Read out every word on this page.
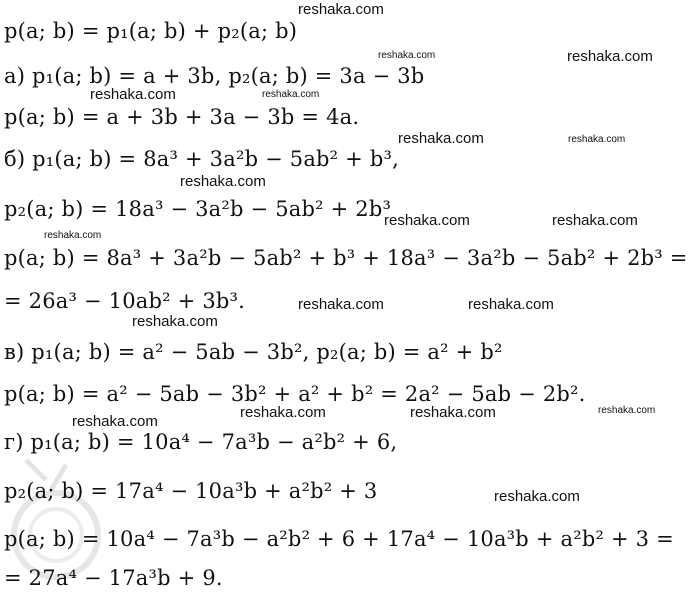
p(a; b) = p₁(a; b) + p₂(a; b)
а) p₁(a; b) = a + 3b, p₂(a; b) = 3a − 3b
p(a; b) = a + 3b + 3a − 3b = 4a.
б) p₁(a; b) = 8a³ + 3a²b − 5ab² + b³,
p₂(a; b) = 18a³ − 3a²b − 5ab² + 2b³
p(a; b) = 8a³ + 3a²b − 5ab² + b³ + 18a³ − 3a²b − 5ab² + 2b³ =
= 26a³ − 10ab² + 3b³.
в) p₁(a; b) = a² − 5ab − 3b², p₂(a; b) = a² + b²
p(a; b) = a² − 5ab − 3b² + a² + b² = 2a² − 5ab − 2b².
г) p₁(a; b) = 10a⁴ − 7a³b − a²b² + 6,
p₂(a; b) = 17a⁴ − 10a³b + a²b² + 3
p(a; b) = 10a⁴ − 7a³b − a²b² + 6 + 17a⁴ − 10a³b + a²b² + 3 =
= 27a⁴ − 17a³b + 9.
reshaka.com
reshaka.com	reshaka.com
reshaka.com	reshaka.com
reshaka.com	reshaka.com
reshaka.com
reshaka.com	reshaka.com
reshaka.com
reshaka.com	reshaka.com
reshaka.com
reshaka.com
reshaka.com	reshaka.com	reshaka.com
reshaka.com
